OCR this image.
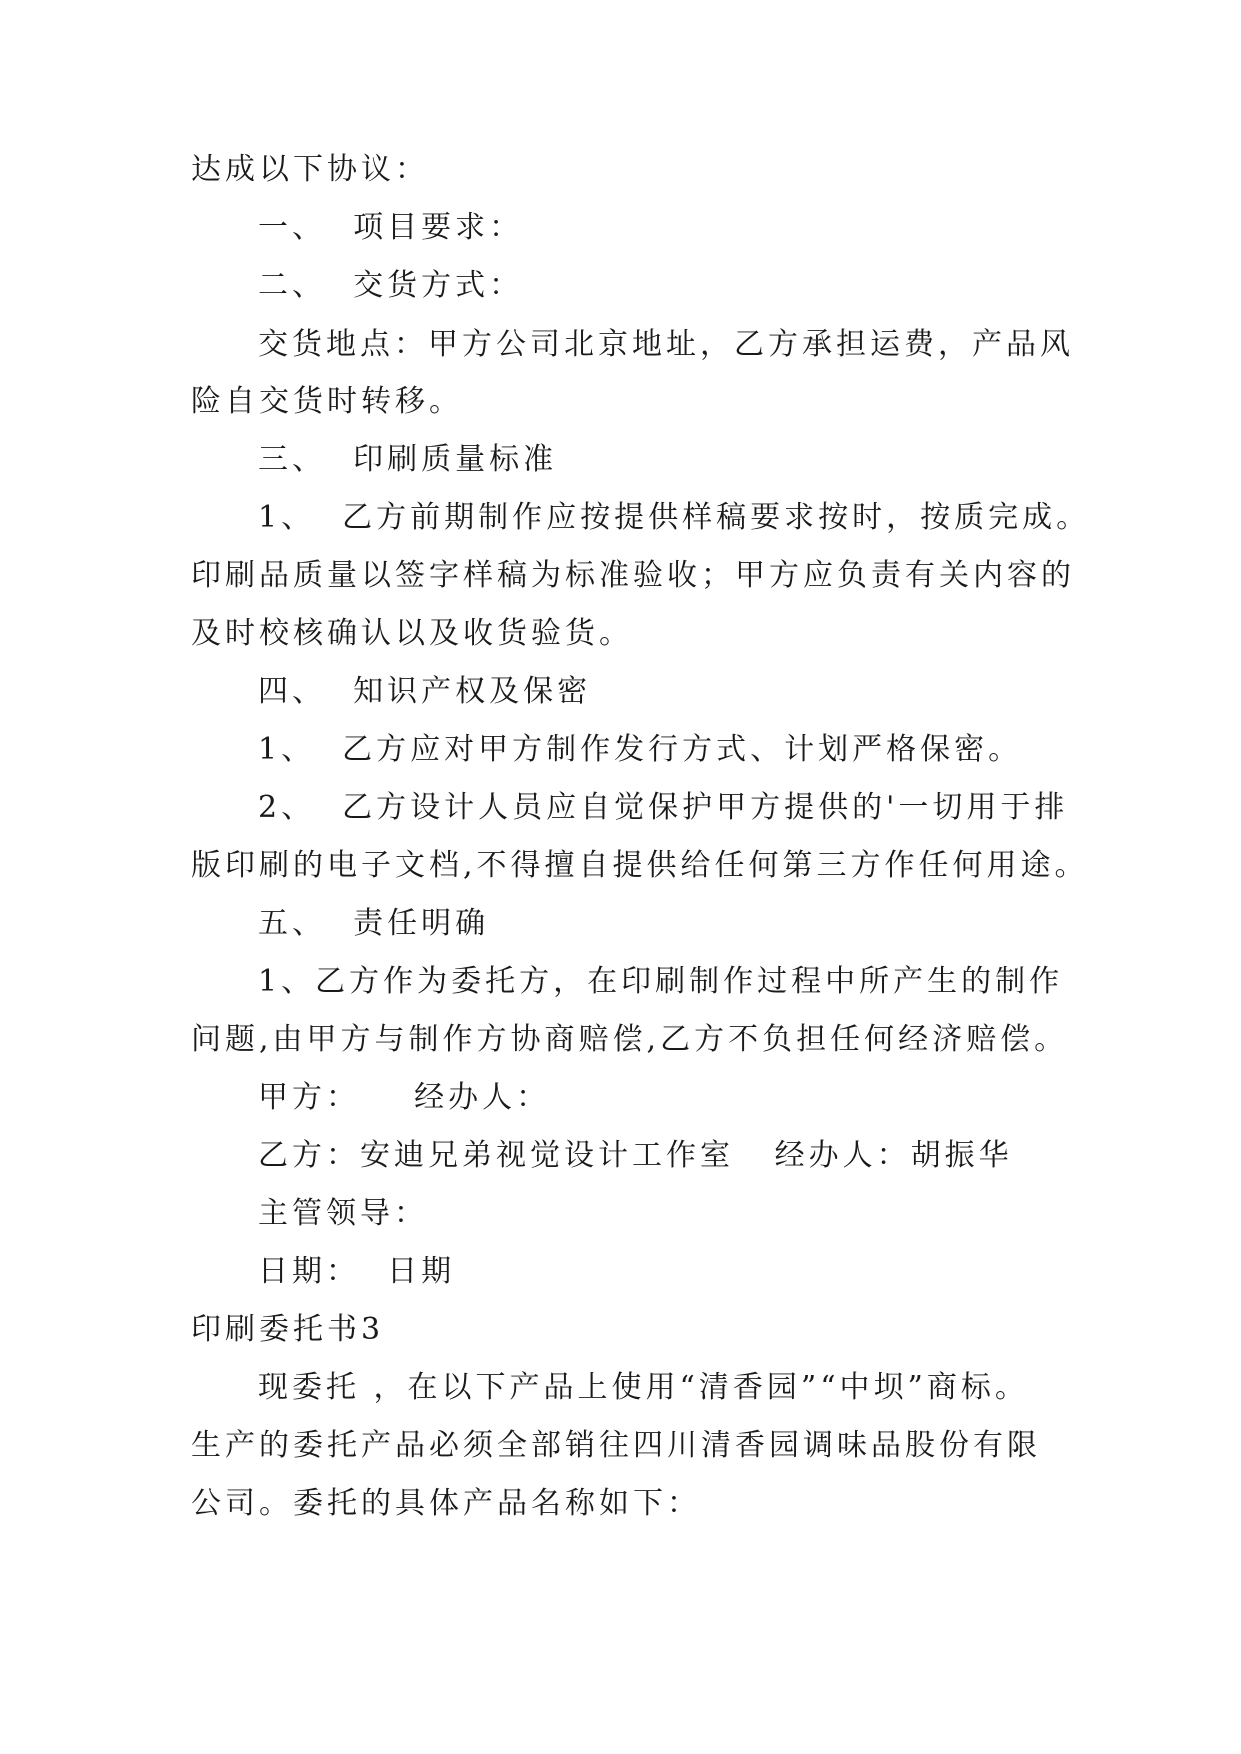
达成以下协议：
一、  项目要求：
二、  交货方式：
交货地点：甲方公司北京地址，乙方承担运费，产品风
险自交货时转移。
三、  印刷质量标准
1、  乙方前期制作应按提供样稿要求按时，按质完成。
印刷品质量以签字样稿为标准验收；甲方应负责有关内容的
及时校核确认以及收货验货。
四、  知识产权及保密
1、  乙方应对甲方制作发行方式、计划严格保密。
2、  乙方设计人员应自觉保护甲方提供的'一切用于排
版印刷的电子文档,不得擅自提供给任何第三方作任何用途。
五、  责任明确
1、乙方作为委托方，在印刷制作过程中所产生的制作
问题,由甲方与制作方协商赔偿,乙方不负担任何经济赔偿。
甲方：    经办人：
乙方：安迪兄弟视觉设计工作室   经办人：胡振华
主管领导：
日期：  日期
印刷委托书3
现委托 ，在以下产品上使用“清香园”“中坝”商标。
生产的委托产品必须全部销往四川清香园调味品股份有限
公司。委托的具体产品名称如下：
